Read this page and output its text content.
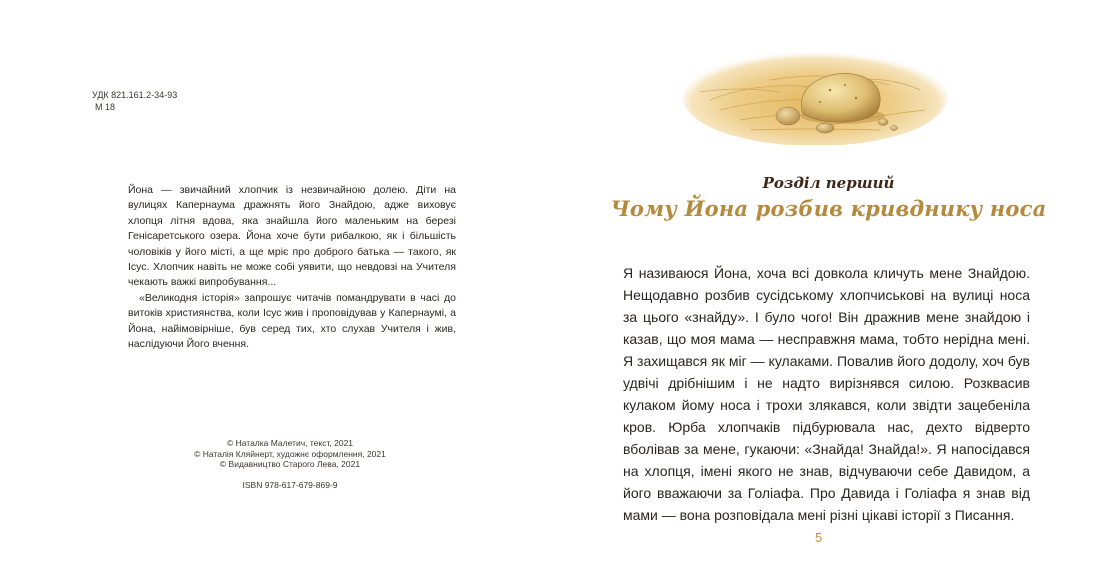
УДК 821.161.2-34-93
М 18

Йона — звичайний хлопчик із незвичайною долею. Діти на вулицях Капернаума дражнять його Знайдою, адже виховує хлопця літня вдова, яка знайшла його маленьким на березі Генісаретського озера. Йона хоче бути рибалкою, як і більшість чоловіків у його місті, а ще мріє про доброго батька — такого, як Ісус. Хлопчик навіть не може собі уявити, що невдовзі на Учителя чекають важкі випробування...

«Великодня історія» запрошує читачів помандрувати в часі до витоків християнства, коли Ісус жив і проповідував у Капернаумі, а Йона, найімовірніше, був серед тих, хто слухав Учителя і жив, наслідуючи Його вчення.

© Наталка Малетич, текст, 2021
© Наталія Кляйнерт, художнє оформлення, 2021
© Видавництво Старого Лева, 2021
ISBN 978-617-679-869-9
Розділ перший
Чому Йона розбив кривднику носа

Я називаюся Йона, хоча всі довкола кличуть мене Знайдою. Нещодавно розбив сусідському хлопчиськові на вулиці носа за цього «знайду». І було чого! Він дражнив мене знайдою і казав, що моя мама — несправжня мама, тобто нерідна мені. Я захищався як міг — кулаками. Повалив його додолу, хоч був удвічі дрібнішим і не надто вирізнявся силою. Розквасив кулаком йому носа і трохи злякався, коли звідти зацебеніла кров. Юрба хлопчаків підбурювала нас, дехто відверто вболівав за мене, гукаючи: «Знайда! Знайда!». Я напосідався на хлопця, імені якого не знав, відчуваючи себе Давидом, а його вважаючи за Голіафа. Про Давида і Голіафа я знав від мами — вона розповідала мені різні цікаві історії з Писання.

5
